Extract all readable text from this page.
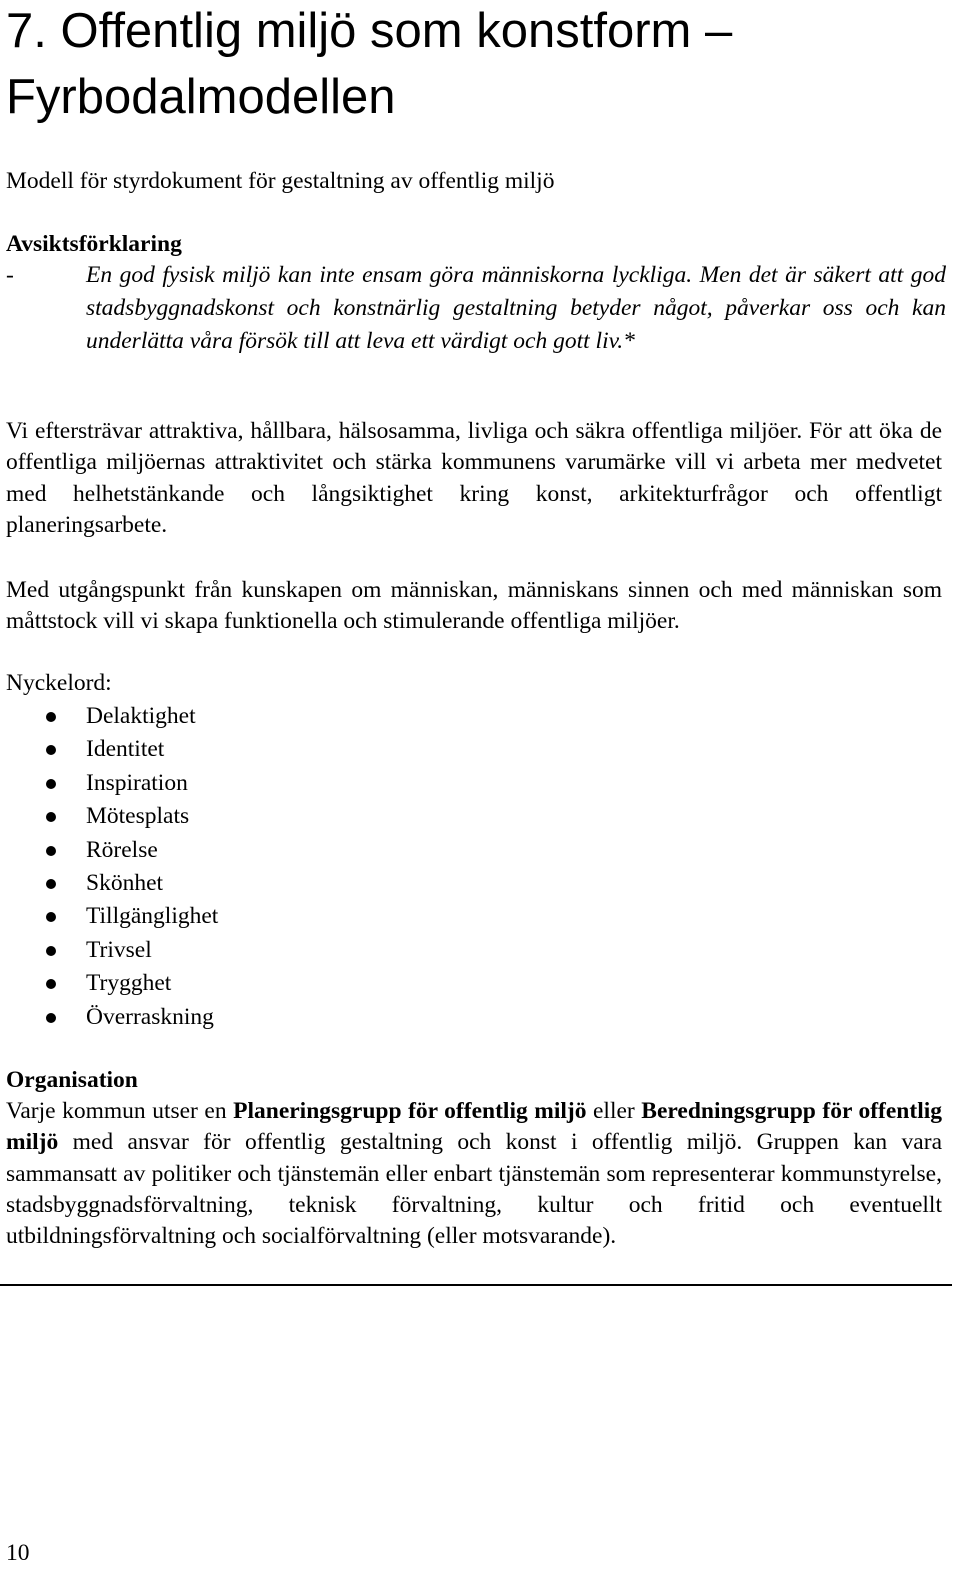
7. Offentlig miljö som konstform –
Fyrbodalmodellen
Modell för styrdokument för gestaltning av offentlig miljö
Avsiktsförklaring
-	En god fysisk miljö kan inte ensam göra människorna lyckliga. Men det är säkert att god stadsbyggnadskonst och konstnärlig gestaltning betyder något, påverkar oss och kan underlätta våra försök till att leva ett värdigt och gott liv.*

Vi eftersträvar attraktiva, hållbara, hälsosamma, livliga och säkra offentliga miljöer. För att öka de offentliga miljöernas attraktivitet och stärka kommunens varumärke vill vi arbeta mer medvetet med helhetstänkande och långsiktighet kring konst, arkitekturfrågor och offentligt planeringsarbete.

Med utgångspunkt från kunskapen om människan, människans sinnen och med människan som måttstock vill vi skapa funktionella och stimulerande offentliga miljöer.

Nyckelord:
Delaktighet
Identitet
Inspiration
Mötesplats
Rörelse
Skönhet
Tillgänglighet
Trivsel
Trygghet
Överraskning
Organisation

Varje kommun utser en Planeringsgrupp för offentlig miljö eller Beredningsgrupp för offentlig miljö med ansvar för offentlig gestaltning och konst i offentlig miljö. Gruppen kan vara sammansatt av politiker och tjänstemän eller enbart tjänstemän som representerar kommunstyrelse, stadsbyggnadsförvaltning, teknisk förvaltning, kultur och fritid och eventuellt utbildningsförvaltning och socialförvaltning (eller motsvarande).

10
